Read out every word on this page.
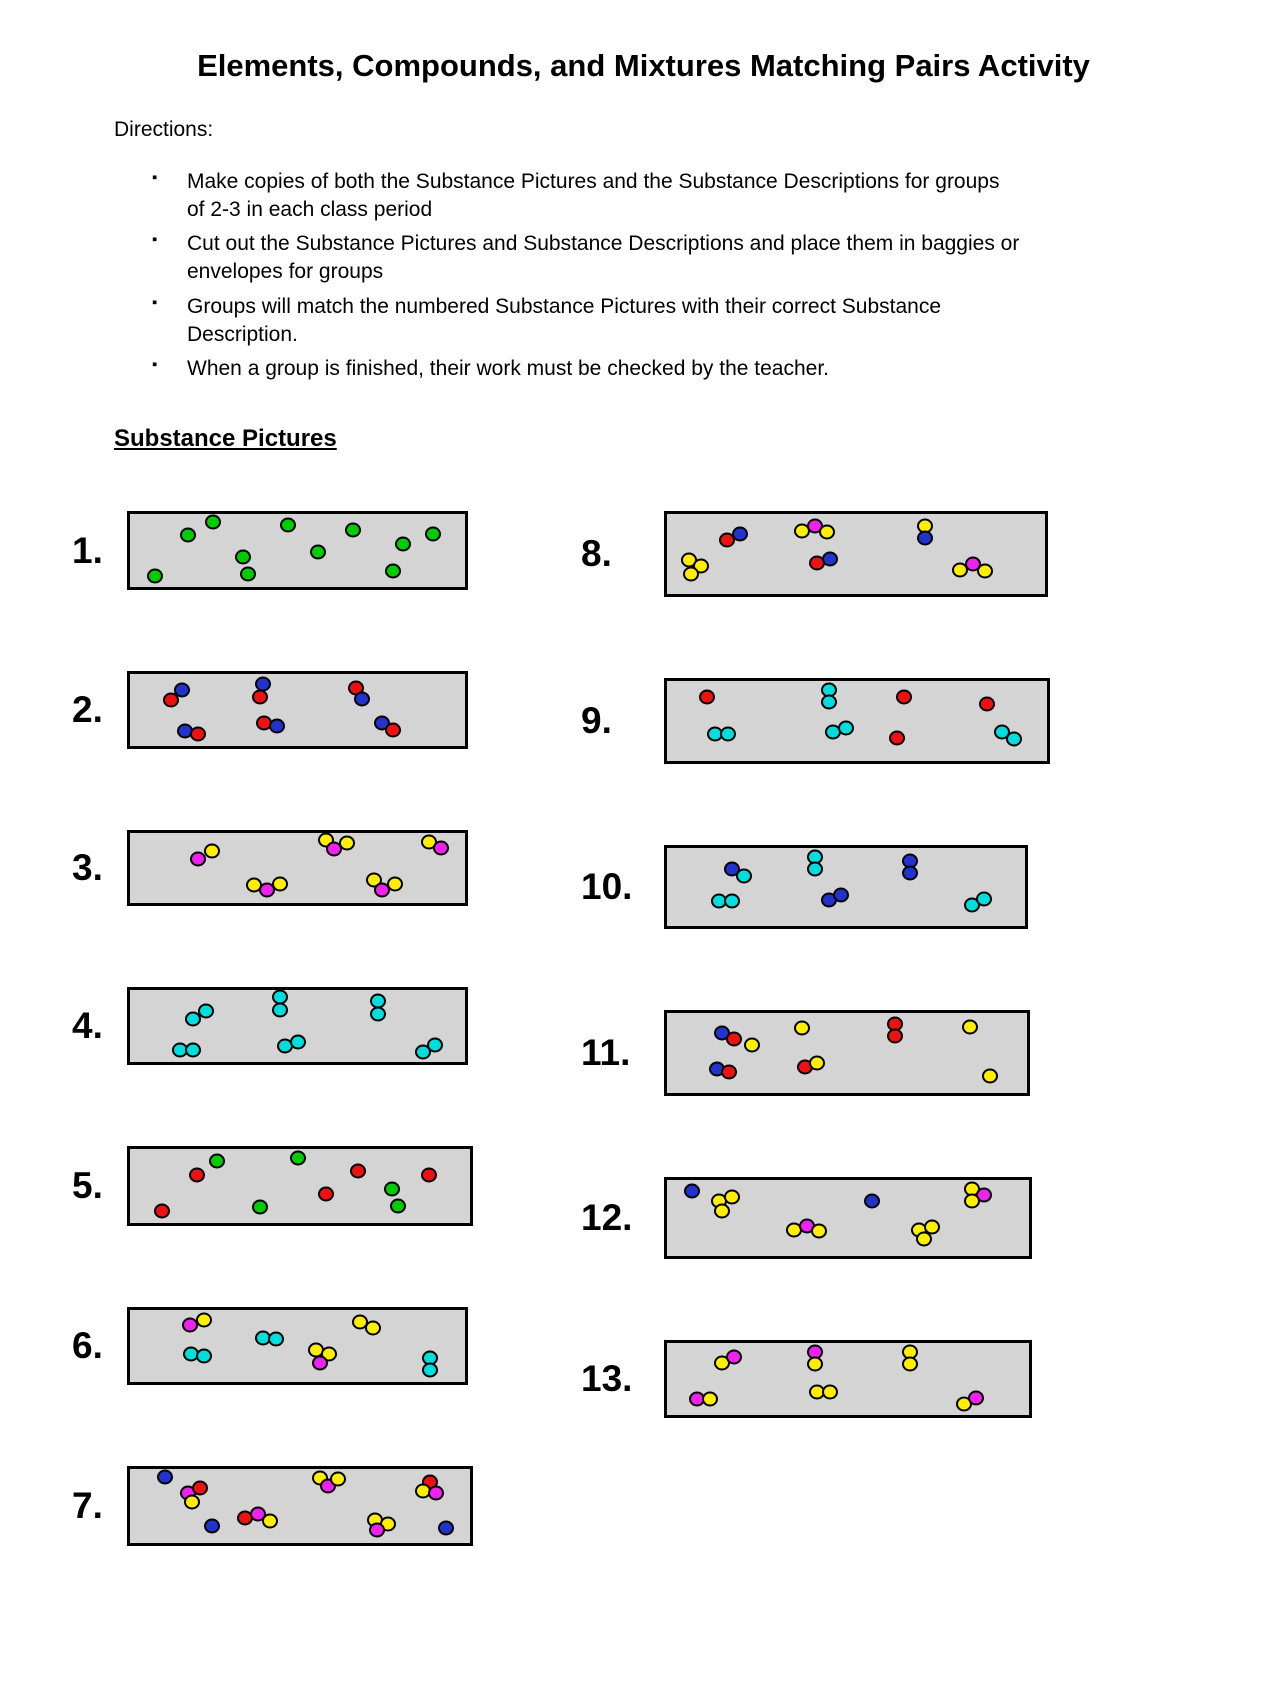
Elements, Compounds, and Mixtures Matching Pairs Activity

Directions:

▪ Make copies of both the Substance Pictures and the Substance Descriptions for groups of 2-3 in each class period
▪ Cut out the Substance Pictures and Substance Descriptions and place them in baggies or envelopes for groups
▪ Groups will match the numbered Substance Pictures with their correct Substance Description.
▪ When a group is finished, their work must be checked by the teacher.
Substance Pictures
1.
2.
3.
4.
5.
6.
7.
8.
9.
10.
11.
12.
13.
